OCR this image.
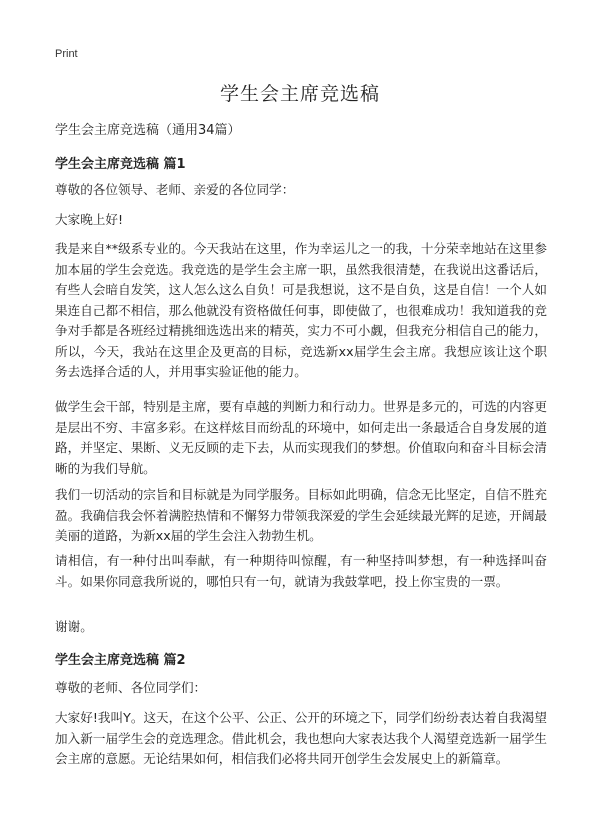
Print
学生会主席竞选稿
学生会主席竞选稿（通用34篇）
学生会主席竞选稿 篇1
尊敬的各位领导、老师、亲爱的各位同学：
大家晚上好!
我是来自**级系专业的。今天我站在这里，作为幸运儿之一的我，十分荣幸地站在这里参加本届的学生会竞选。我竞选的是学生会主席一职，虽然我很清楚，在我说出这番话后，有些人会暗自发笑，这人怎么这么自负！可是我想说，这不是自负，这是自信！一个人如果连自己都不相信，那么他就没有资格做任何事，即使做了，也很难成功！我知道我的竞争对手都是各班经过精挑细选选出来的精英，实力不可小觑，但我充分相信自己的能力，所以，今天，我站在这里企及更高的目标，竞选新xx届学生会主席。我想应该让这个职务去选择合适的人，并用事实验证他的能力。
做学生会干部，特别是主席，要有卓越的判断力和行动力。世界是多元的，可选的内容更是层出不穷、丰富多彩。在这样炫目而纷乱的环境中，如何走出一条最适合自身发展的道路，并坚定、果断、义无反顾的走下去，从而实现我们的梦想。价值取向和奋斗目标会清晰的为我们导航。
我们一切活动的宗旨和目标就是为同学服务。目标如此明确，信念无比坚定，自信不胜充盈。我确信我会怀着满腔热情和不懈努力带领我深爱的学生会延续最光辉的足迹，开阔最美丽的道路，为新xx届的学生会注入勃勃生机。
请相信，有一种付出叫奉献，有一种期待叫惊醒，有一种坚持叫梦想，有一种选择叫奋斗。如果你同意我所说的，哪怕只有一句，就请为我鼓掌吧，投上你宝贵的一票。
谢谢。
学生会主席竞选稿 篇2
尊敬的老师、各位同学们：
大家好!我叫Y。这天，在这个公平、公正、公开的环境之下，同学们纷纷表达着自我渴望加入新一届学生会的竞选理念。借此机会，我也想向大家表达我个人渴望竞选新一届学生会主席的意愿。无论结果如何，相信我们必将共同开创学生会发展史上的新篇章。
